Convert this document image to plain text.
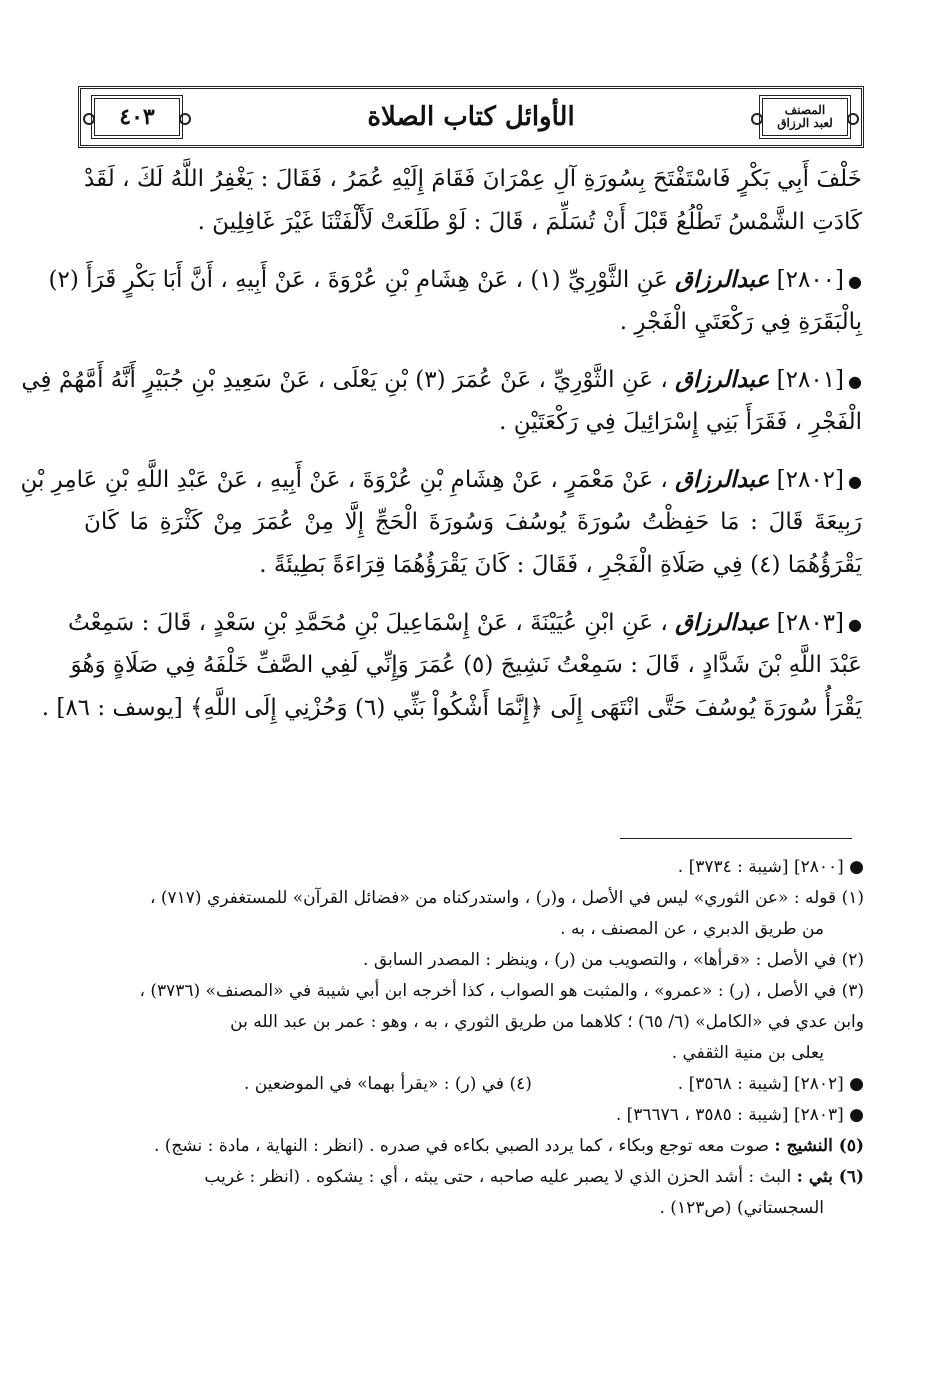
المصنف
لعبد الرزاق
الأوائل كتاب الصلاة
٤٠٣
خَلْفَ أَبِي بَكْرٍ فَاسْتَفْتَحَ بِسُورَةِ آلِ عِمْرَانَ فَقَامَ إِلَيْهِ عُمَرُ ، فَقَالَ : يَغْفِرُ اللَّهُ لَكَ ، لَقَدْ
كَادَتِ الشَّمْسُ تَطْلُعُ قَبْلَ أَنْ تُسَلِّمَ ، قَالَ : لَوْ طَلَعَتْ لَأَلْفَتْنَا غَيْرَ غَافِلِينَ .
●[٢٨٠٠] عبدالرزاق عَنِ الثَّوْرِيِّ (١) ، عَنْ هِشَامِ بْنِ عُرْوَةَ ، عَنْ أَبِيهِ ، أَنَّ أَبَا بَكْرٍ قَرَأَ (٢)
بِالْبَقَرَةِ فِي رَكْعَتَيِ الْفَجْرِ .
●[٢٨٠١] عبدالرزاق ، عَنِ الثَّوْرِيِّ ، عَنْ عُمَرَ (٣) بْنِ يَعْلَى ، عَنْ سَعِيدِ بْنِ جُبَيْرٍ أَنَّهُ أَمَّهُمْ فِي
الْفَجْرِ ، فَقَرَأَ بَنِي إِسْرَائِيلَ فِي رَكْعَتَيْنِ .
●[٢٨٠٢] عبدالرزاق ، عَنْ مَعْمَرٍ ، عَنْ هِشَامِ بْنِ عُرْوَةَ ، عَنْ أَبِيهِ ، عَنْ عَبْدِ اللَّهِ بْنِ عَامِرِ بْنِ
رَبِيعَةَ قَالَ : مَا حَفِظْتُ سُورَةَ يُوسُفَ وَسُورَةَ الْحَجِّ إِلَّا مِنْ عُمَرَ مِنْ كَثْرَةِ مَا كَانَ
يَقْرَؤُهُمَا (٤) فِي صَلَاةِ الْفَجْرِ ، فَقَالَ : كَانَ يَقْرَؤُهُمَا قِرَاءَةً بَطِيئَةً .
●[٢٨٠٣] عبدالرزاق ، عَنِ ابْنِ عُيَيْنَةَ ، عَنْ إِسْمَاعِيلَ بْنِ مُحَمَّدِ بْنِ سَعْدٍ ، قَالَ : سَمِعْتُ
عَبْدَ اللَّهِ بْنَ شَدَّادٍ ، قَالَ : سَمِعْتُ نَشِيجَ (٥) عُمَرَ وَإِنِّي لَفِي الصَّفِّ خَلْفَهُ فِي صَلَاةٍ وَهُوَ
يَقْرَأُ سُورَةَ يُوسُفَ حَتَّى انْتَهَى إِلَى ﴿إِنَّمَا أَشْكُواْ بَثِّي (٦) وَحُزْنِي إِلَى اللَّهِ﴾ [يوسف : ٨٦] .
● [٢٨٠٠] [شيبة : ٣٧٣٤] .
(١) قوله : «عن الثوري» ليس في الأصل ، و(ر) ، واستدركناه من «فضائل القرآن» للمستغفري (٧١٧) ،
من طريق الدبري ، عن المصنف ، به .
(٢) في الأصل : «قرأها» ، والتصويب من (ر) ، وينظر : المصدر السابق .
(٣) في الأصل ، (ر) : «عمرو» ، والمثبت هو الصواب ، كذا أخرجه ابن أبي شيبة في «المصنف» (٣٧٣٦) ،
وابن عدي في «الكامل» (٦/ ٦٥) ؛ كلاهما من طريق الثوري ، به ، وهو : عمر بن عبد الله بن
يعلى بن منية الثقفي .
● [٢٨٠٢] [شيبة : ٣٥٦٨] .
(٤) في (ر) : «يقرأ بهما» في الموضعين .
● [٢٨٠٣] [شيبة : ٣٥٨٥ ، ٣٦٦٧٦] .
(٥) النشيج : صوت معه توجع وبكاء ، كما يردد الصبي بكاءه في صدره . (انظر : النهاية ، مادة : نشج) .
(٦) بثي : البث : أشد الحزن الذي لا يصبر عليه صاحبه ، حتى يبثه ، أي : يشكوه . (انظر : غريب
السجستاني) (ص١٢٣) .
